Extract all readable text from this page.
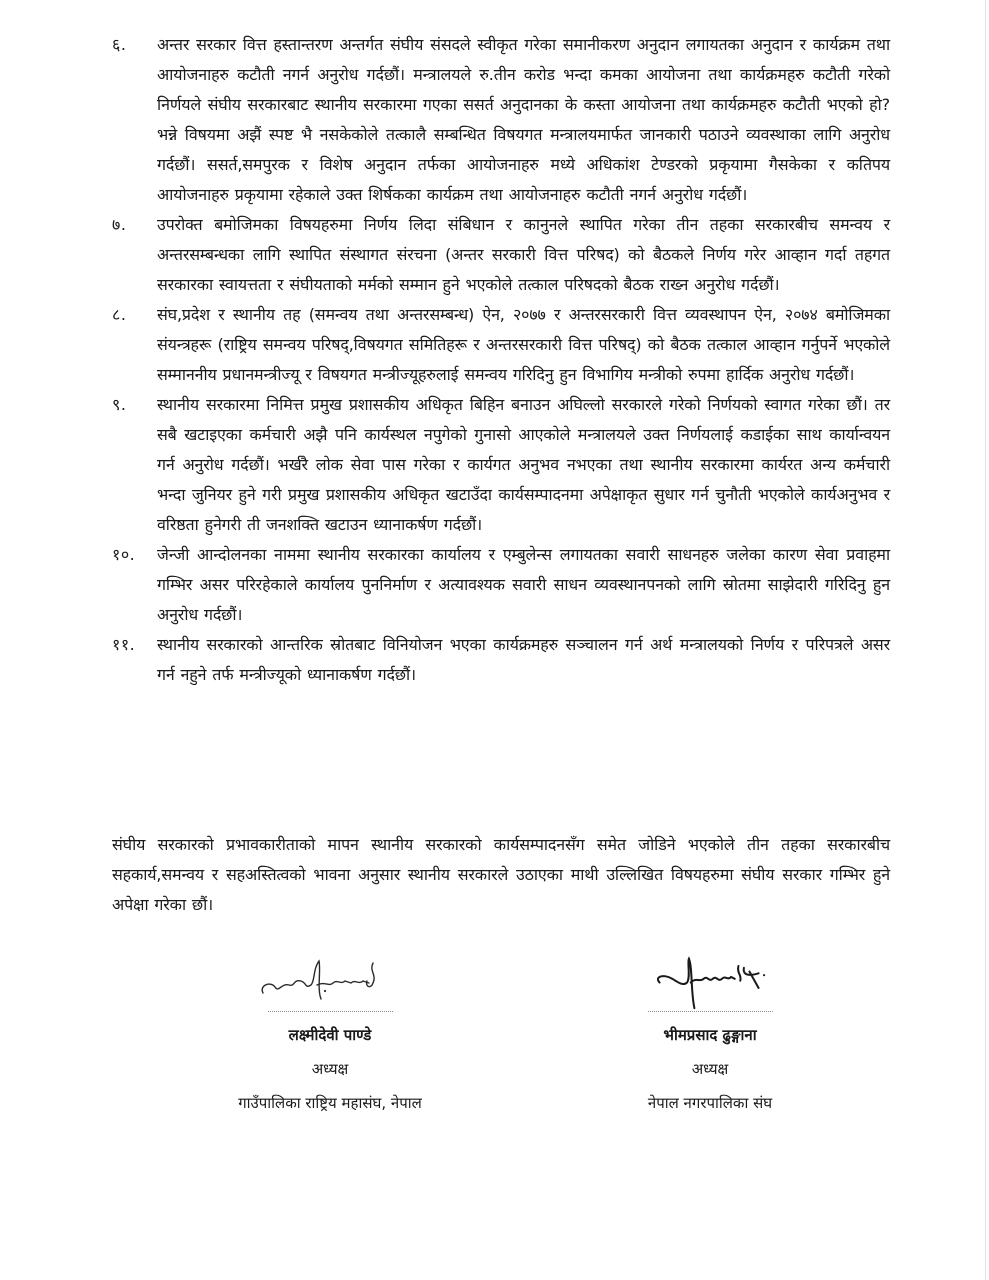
६.	अन्तर सरकार वित्त हस्तान्तरण अन्तर्गत संघीय संसदले स्वीकृत गरेका समानीकरण अनुदान लगायतका अनुदान र कार्यक्रम तथा आयोजनाहरु कटौती नगर्न अनुरोध गर्दछौं। मन्त्रालयले रु.तीन करोड भन्दा कमका आयोजना तथा कार्यक्रमहरु कटौती गरेको निर्णयले संघीय सरकारबाट स्थानीय सरकारमा गएका ससर्त अनुदानका के कस्ता आयोजना तथा कार्यक्रमहरु कटौती भएको हो?भन्ने विषयमा अझैं स्पष्ट भै नसकेकोले तत्कालै सम्बन्धित विषयगत मन्त्रालयमार्फत जानकारी पठाउने व्यवस्थाका लागि अनुरोध गर्दछौं। ससर्त,समपुरक र विशेष अनुदान तर्फका आयोजनाहरु मध्ये अधिकांश टेण्डरको प्रकृयामा गैसकेका र कतिपय आयोजनाहरु प्रकृयामा रहेकाले उक्त शिर्षकका कार्यक्रम तथा आयोजनाहरु कटौती नगर्न अनुरोध गर्दछौं।
७.	उपरोक्त बमोजिमका विषयहरुमा निर्णय लिदा संबिधान र कानुनले स्थापित गरेका तीन तहका सरकारबीच समन्वय र अन्तरसम्बन्धका लागि स्थापित संस्थागत संरचना (अन्तर सरकारी वित्त परिषद) को बैठकले निर्णय गरेर आव्हान गर्दा तहगत सरकारका स्वायत्तता र संघीयताको मर्मको सम्मान हुने भएकोले तत्काल परिषदको बैठक राख्न अनुरोध गर्दछौं।
८.	संघ,प्रदेश र स्थानीय तह (समन्वय तथा अन्तरसम्बन्ध) ऐन, २०७७ र अन्तरसरकारी वित्त व्यवस्थापन ऐन, २०७४ बमोजिमका संयन्त्रहरू (राष्ट्रिय समन्वय परिषद्,विषयगत समितिहरू र अन्तरसरकारी वित्त परिषद्) को बैठक तत्काल आव्हान गर्नुपर्ने भएकोले सम्माननीय प्रधानमन्त्रीज्यू र विषयगत मन्त्रीज्यूहरुलाई समन्वय गरिदिनु हुन विभागिय मन्त्रीको रुपमा हार्दिक अनुरोध गर्दछौं।
९.	स्थानीय सरकारमा निमित्त प्रमुख प्रशासकीय अधिकृत बिहिन बनाउन अघिल्लो सरकारले गरेको निर्णयको स्वागत गरेका छौं। तर सबै खटाइएका कर्मचारी अझै पनि कार्यस्थल नपुगेको गुनासो आएकोले मन्त्रालयले उक्त निर्णयलाई कडाईका साथ कार्यान्वयन गर्न अनुरोध गर्दछौं। भर्खरै लोक सेवा पास गरेका र कार्यगत अनुभव नभएका तथा स्थानीय सरकारमा कार्यरत अन्य कर्मचारी भन्दा जुनियर हुने गरी प्रमुख प्रशासकीय अधिकृत खटाउँदा कार्यसम्पादनमा अपेक्षाकृत सुधार गर्न चुनौती भएकोले कार्यअनुभव र वरिष्ठता हुनेगरी ती जनशक्ति खटाउन ध्यानाकर्षण गर्दछौं।
१०.	जेन्जी आन्दोलनका नाममा स्थानीय सरकारका कार्यालय र एम्बुलेन्स लगायतका सवारी साधनहरु जलेका कारण सेवा प्रवाहमा गम्भिर असर परिरहेकाले कार्यालय पुननिर्माण र अत्यावश्यक सवारी साधन व्यवस्थानपनको लागि स्रोतमा साझेदारी गरिदिनु हुन अनुरोध गर्दछौं।
११.	स्थानीय सरकारको आन्तरिक स्रोतबाट विनियोजन भएका कार्यक्रमहरु सञ्चालन गर्न अर्थ मन्त्रालयको निर्णय र परिपत्रले असर गर्न नहुने तर्फ मन्त्रीज्यूको ध्यानाकर्षण गर्दछौं।
संघीय सरकारको प्रभावकारीताको मापन स्थानीय सरकारको कार्यसम्पादनसँग समेत जोडिने भएकोले तीन तहका सरकारबीच सहकार्य,समन्वय र सहअस्तित्वको भावना अनुसार स्थानीय सरकारले उठाएका माथी उल्लिखित विषयहरुमा संघीय सरकार गम्भिर हुने अपेक्षा गरेका छौं।
लक्ष्मीदेवी पाण्डे
अध्यक्ष
गाउँपालिका राष्ट्रिय महासंघ, नेपाल
भीमप्रसाद ढुङ्गाना
अध्यक्ष
नेपाल नगरपालिका संघ
